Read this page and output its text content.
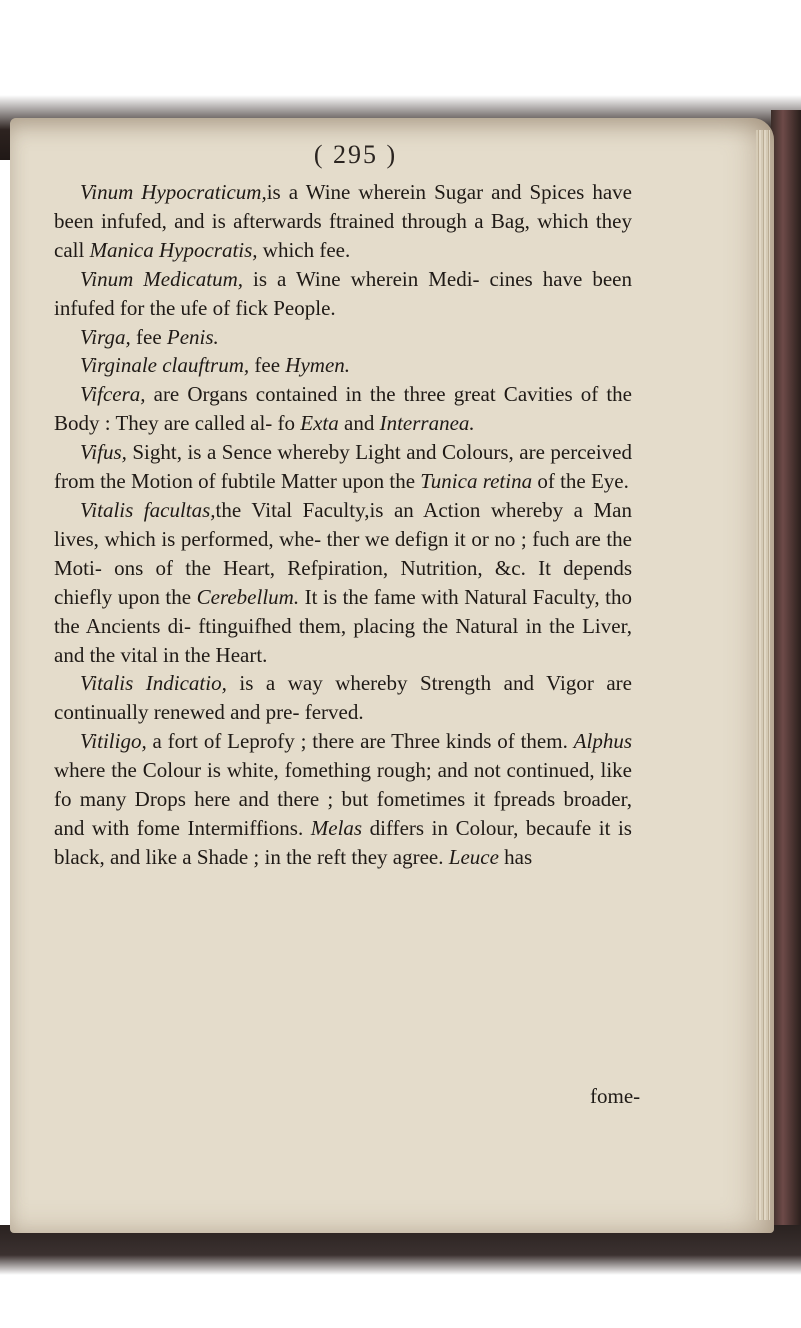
( 295 )

Vinum Hypocraticum,is a Wine wherein Sugar and Spices have been infufed, and is afterwards ftrained through a Bag, which they call Manica Hypocratis, which fee.

Vinum Medicatum, is a Wine wherein Medi- cines have been infufed for the ufe of fick People.

Virga, fee Penis.

Virginale clauftrum, fee Hymen.

Vifcera, are Organs contained in the three great Cavities of the Body : They are called al- fo Exta and Interranea.

Vifus, Sight, is a Sence whereby Light and Colours, are perceived from the Motion of fubtile Matter upon the Tunica retina of the Eye.

Vitalis facultas,the Vital Faculty,is an Action whereby a Man lives, which is performed, whe- ther we defign it or no ; fuch are the Moti- ons of the Heart, Refpiration, Nutrition, &c. It depends chiefly upon the Cerebellum. It is the fame with Natural Faculty, tho the Ancients di- ftinguifhed them, placing the Natural in the Liver, and the vital in the Heart.

Vitalis Indicatio, is a way whereby Strength and Vigor are continually renewed and pre- ferved.

Vitiligo, a fort of Leprofy ; there are Three kinds of them. Alphus where the Colour is white, fomething rough; and not continued, like fo many Drops here and there ; but fometimes it fpreads broader, and with fome Intermiffions. Melas differs in Colour, becaufe it is black, and like a Shade ; in the reft they agree. Leuce has

fome-
